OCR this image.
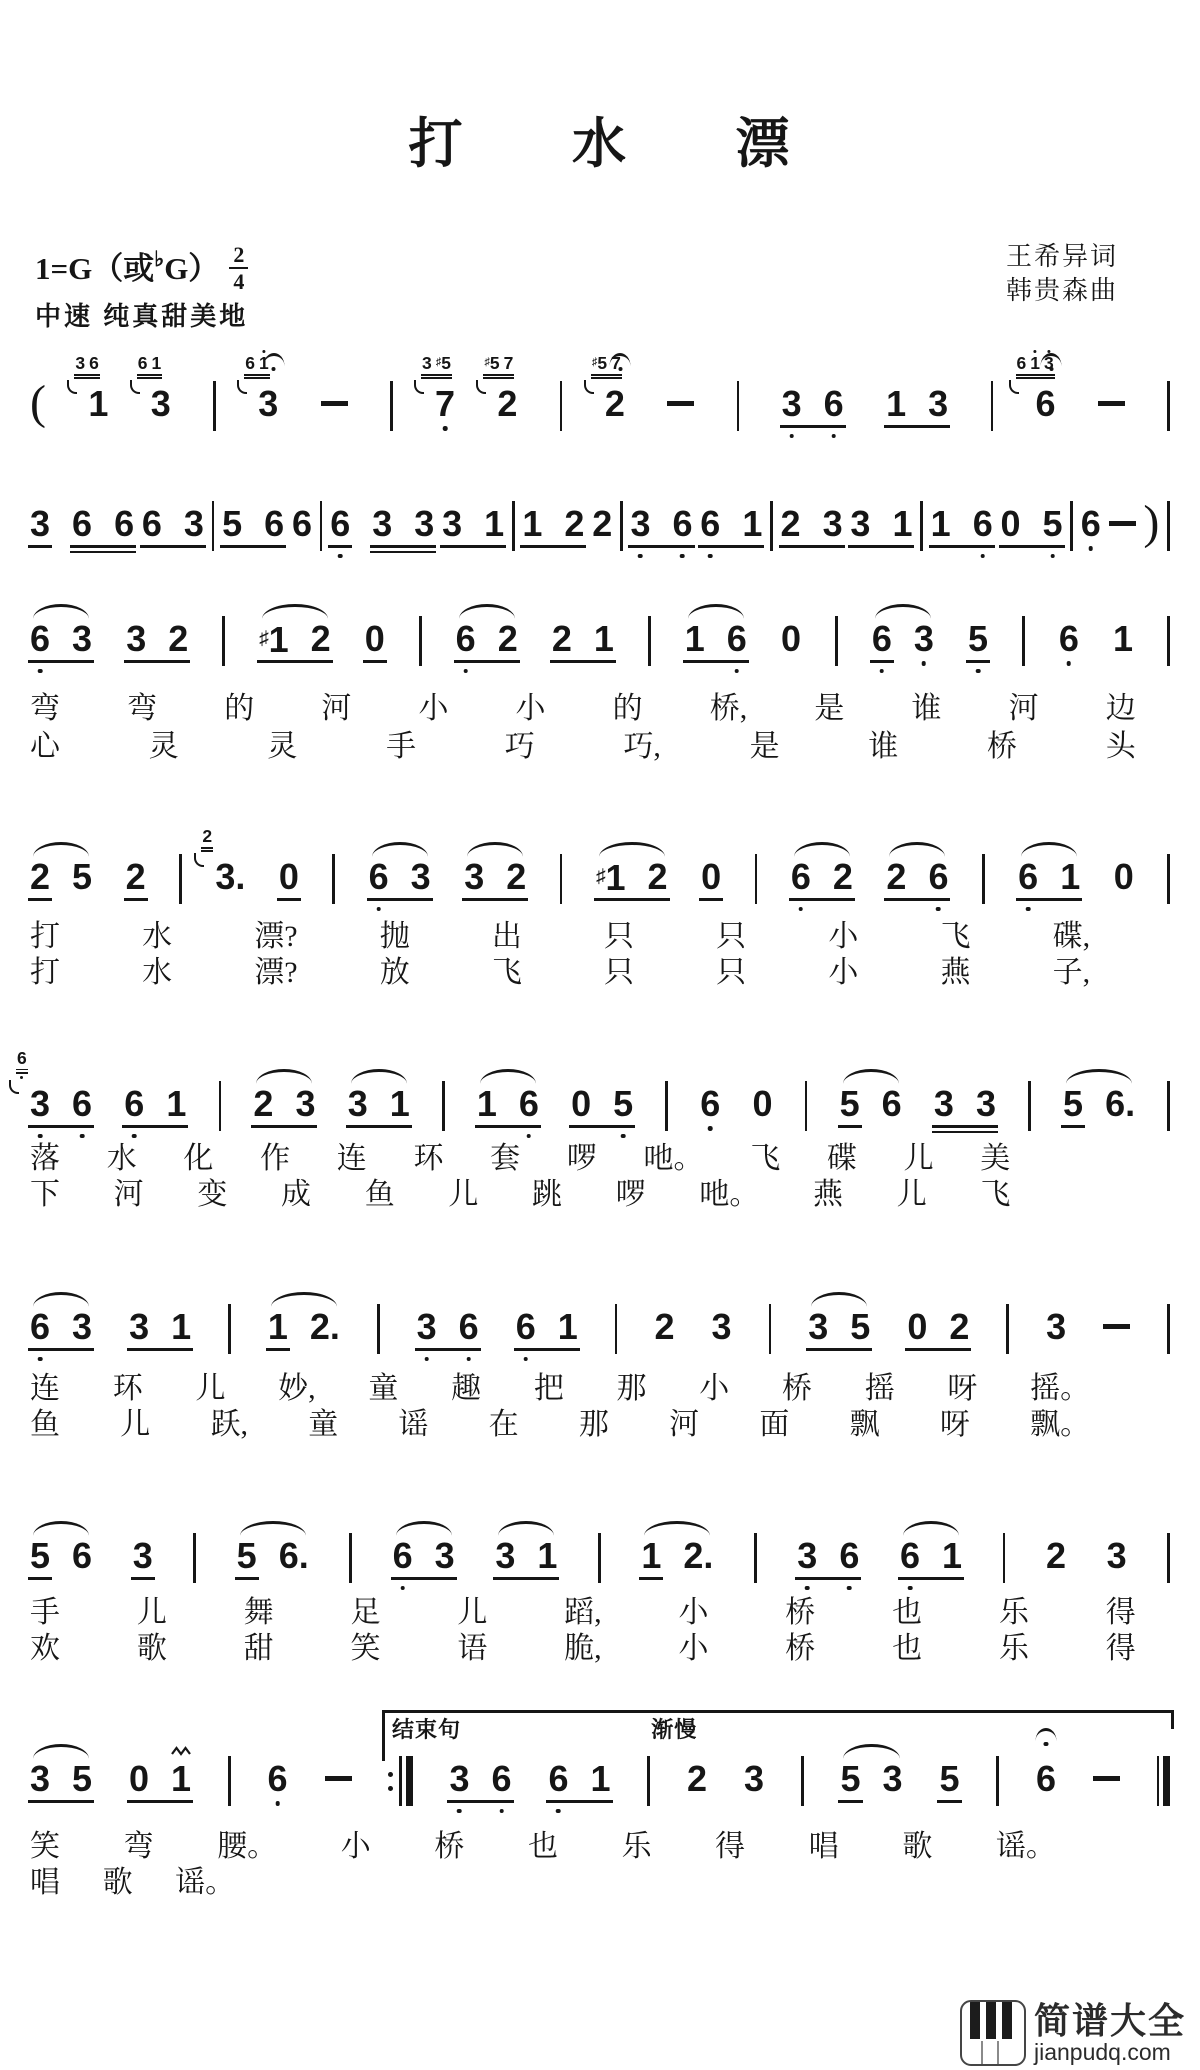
打 水 漂
1=G（或 ♭ $G) \frac{2}{4}$
中速 纯真甜美地
王希异词
韩贵森曲
简谱大全
jianpudq.com
( 1
3 6
3
6 1
3
6 1
7
3 ♯5
2
♯5 7
2
♯5 7
3 6 1 3 6
6 1 3
3 6 6 6 3 5 6 6 6 3 3 3 1 1 2 2 3 6 6 1 2 3 3 1 1 6 0 5 6 )
6 3 3 2	♯1 2 0 6 2 2 1 1 6 0 6 3 5 6 1
弯 弯 的 河 小 小 的 桥, 是 谁 河 边
心	灵	灵	手	巧	巧,	是	谁	桥	头
2 5 2 3.
2
0 6 3 3 2	♯1 2 0 6 2 2 6 6 1 0
打	水	漂?	抛	出	只	只	小	飞	碟,
打	水	漂?	放	飞	只	只	小	燕	子,
3
6
6 6 1 2 3 3 1 1 6 0 5 6 0 5 6 3 3 5 6.
落 水 化 作 连 环 套 啰 吔。 飞 碟 儿 美
下 河 变 成 鱼 儿 跳 啰 吔。 燕 儿 飞
6 3 3 1 1 2. 3 6 6 1 2 3 3 5 0 2 3
连 环 儿 妙, 童 趣 把 那 小 桥 摇 呀 摇。
鱼 儿 跃, 童 谣 在 那 河 面 飘 呀 飘。
5 6 3 5 6. 6 3 3 1 1 2. 3 6 6 1 2 3
手	儿	舞	足	儿	蹈,	小	桥	也	乐	得
欢	歌	甜	笑	语	脆,	小	桥	也	乐	得
3 5 0 1 6	3 6 6 1 2 3 5 3 5 6
结束句	渐慢
笑 弯 腰。 小 桥 也 乐 得 唱 歌 谣。
唱 歌 谣。
